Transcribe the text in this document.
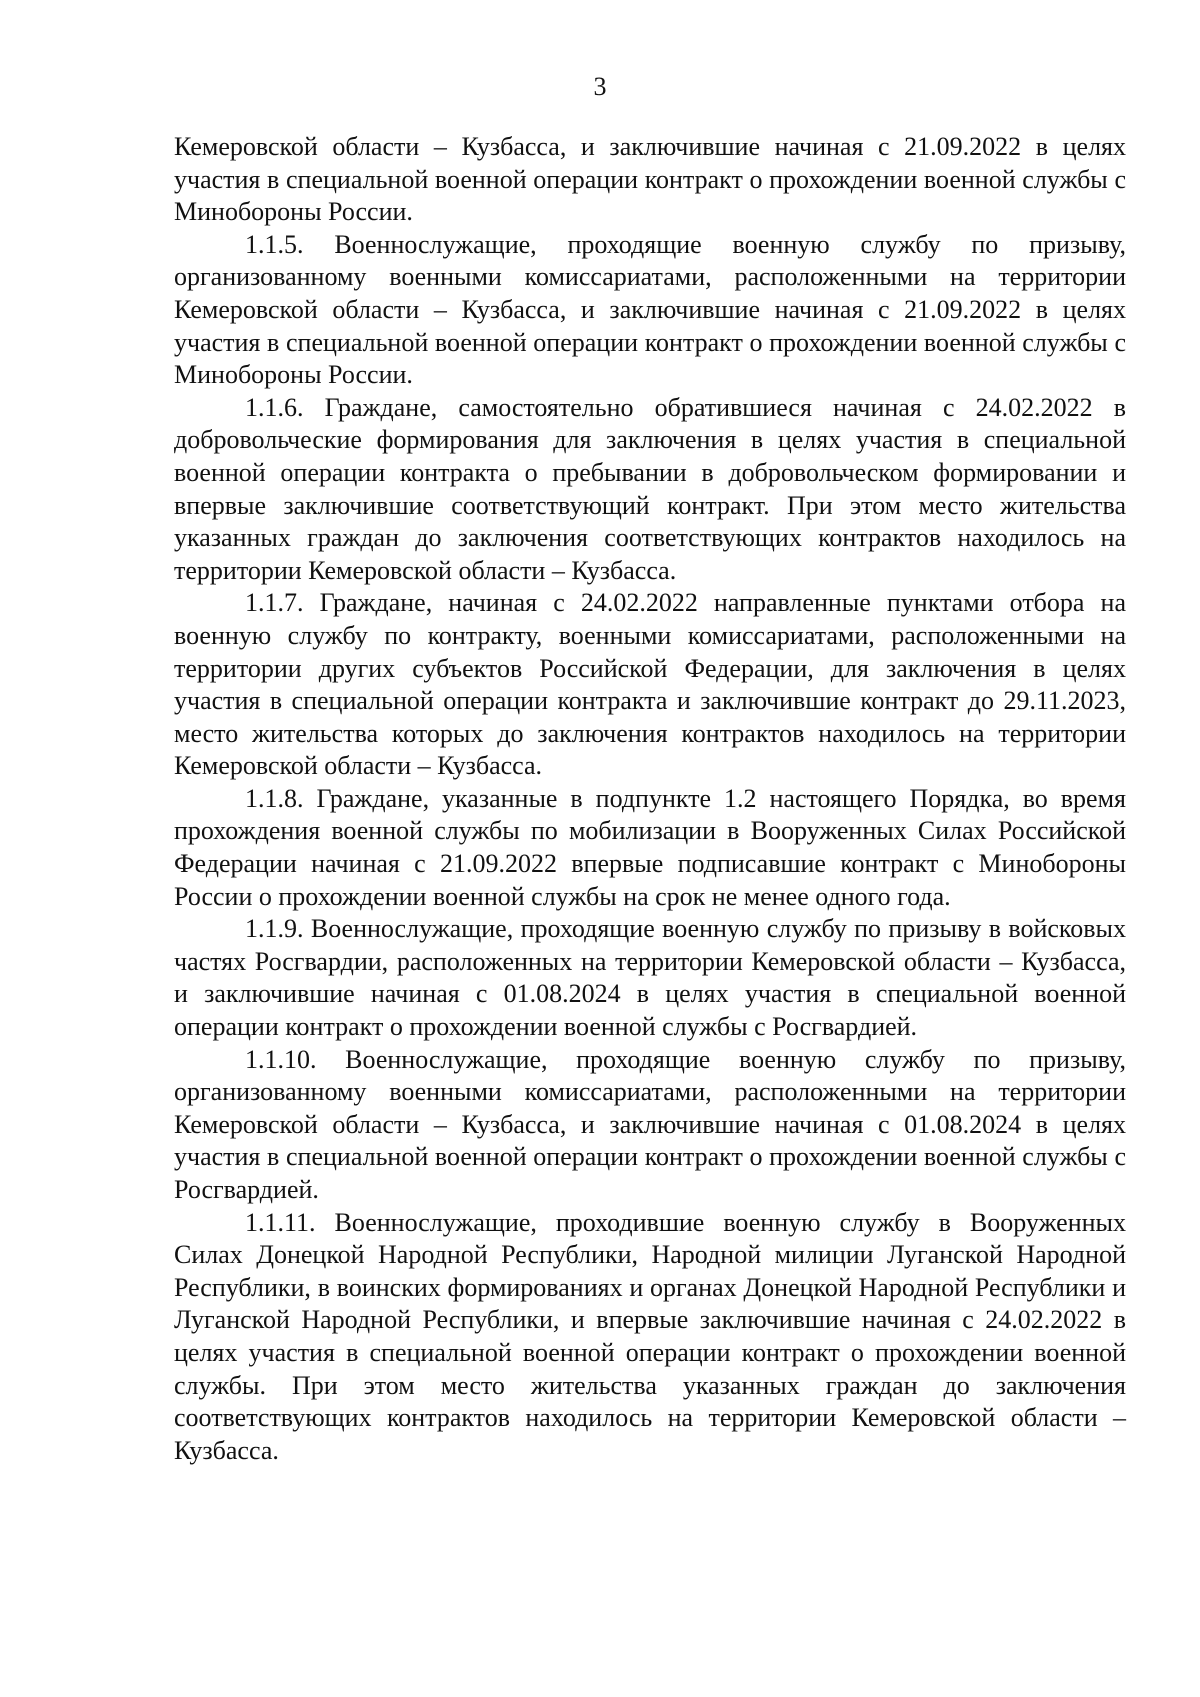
3

Кемеровской области – Кузбасса, и заключившие начиная с 21.09.2022 в целях участия в специальной военной операции контракт о прохождении военной службы с Минобороны России.

1.1.5. Военнослужащие, проходящие военную службу по призыву, организованному военными комиссариатами, расположенными на территории Кемеровской области – Кузбасса, и заключившие начиная с 21.09.2022 в целях участия в специальной военной операции контракт о прохождении военной службы с Минобороны России.

1.1.6. Граждане, самостоятельно обратившиеся начиная с 24.02.2022 в добровольческие формирования для заключения в целях участия в специальной военной операции контракта о пребывании в добровольческом формировании и впервые заключившие соответствующий контракт. При этом место жительства указанных граждан до заключения соответствующих контрактов находилось на территории Кемеровской области – Кузбасса.

1.1.7. Граждане, начиная с 24.02.2022 направленные пунктами отбора на военную службу по контракту, военными комиссариатами, расположенными на территории других субъектов Российской Федерации, для заключения в целях участия в специальной операции контракта и заключившие контракт до 29.11.2023, место жительства которых до заключения контрактов находилось на территории Кемеровской области – Кузбасса.

1.1.8. Граждане, указанные в подпункте 1.2 настоящего Порядка, во время прохождения военной службы по мобилизации в Вооруженных Силах Российской Федерации начиная с 21.09.2022 впервые подписавшие контракт с Минобороны России о прохождении военной службы на срок не менее одного года.

1.1.9. Военнослужащие, проходящие военную службу по призыву в войсковых частях Росгвардии, расположенных на территории Кемеровской области – Кузбасса, и заключившие начиная с 01.08.2024 в целях участия в специальной военной операции контракт о прохождении военной службы с Росгвардией.

1.1.10. Военнослужащие, проходящие военную службу по призыву, организованному военными комиссариатами, расположенными на территории Кемеровской области – Кузбасса, и заключившие начиная с 01.08.2024 в целях участия в специальной военной операции контракт о прохождении военной службы с Росгвардией.

1.1.11. Военнослужащие, проходившие военную службу в Вооруженных Силах Донецкой Народной Республики, Народной милиции Луганской Народной Республики, в воинских формированиях и органах Донецкой Народной Республики и Луганской Народной Республики, и впервые заключившие начиная с 24.02.2022 в целях участия в специальной военной операции контракт о прохождении военной службы. При этом место жительства указанных граждан до заключения соответствующих контрактов находилось на территории Кемеровской области – Кузбасса.
